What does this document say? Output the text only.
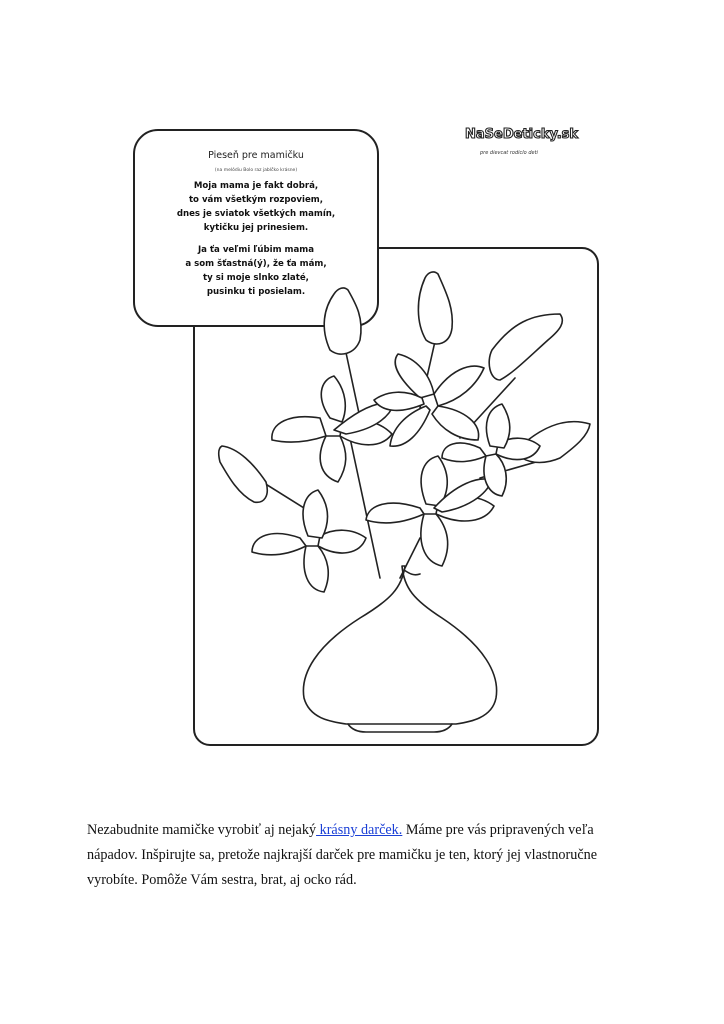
NaSeDeticky.sk
pre dievcat rodiclo deti
Pieseň pre mamičku
(na melódiu Bolo raz jablčko krásne)
Moja mama je fakt dobrá,
to vám všetkým rozpoviem,
dnes je sviatok všetkých mamín,
kytičku jej prinesiem.
Ja ťa veľmi ľúbim mama
a som šťastná(ý), že ťa mám,
ty si moje slnko zlaté,
pusinku ti posielam.

Nezabudnite mamičke vyrobiť aj nejaký krásny darček. Máme pre vás pripravených veľa nápadov. Inšpirujte sa, pretože najkrajší darček pre mamičku je ten, ktorý jej vlastnoručne vyrobíte. Pomôže Vám sestra, brat, aj ocko rád.
